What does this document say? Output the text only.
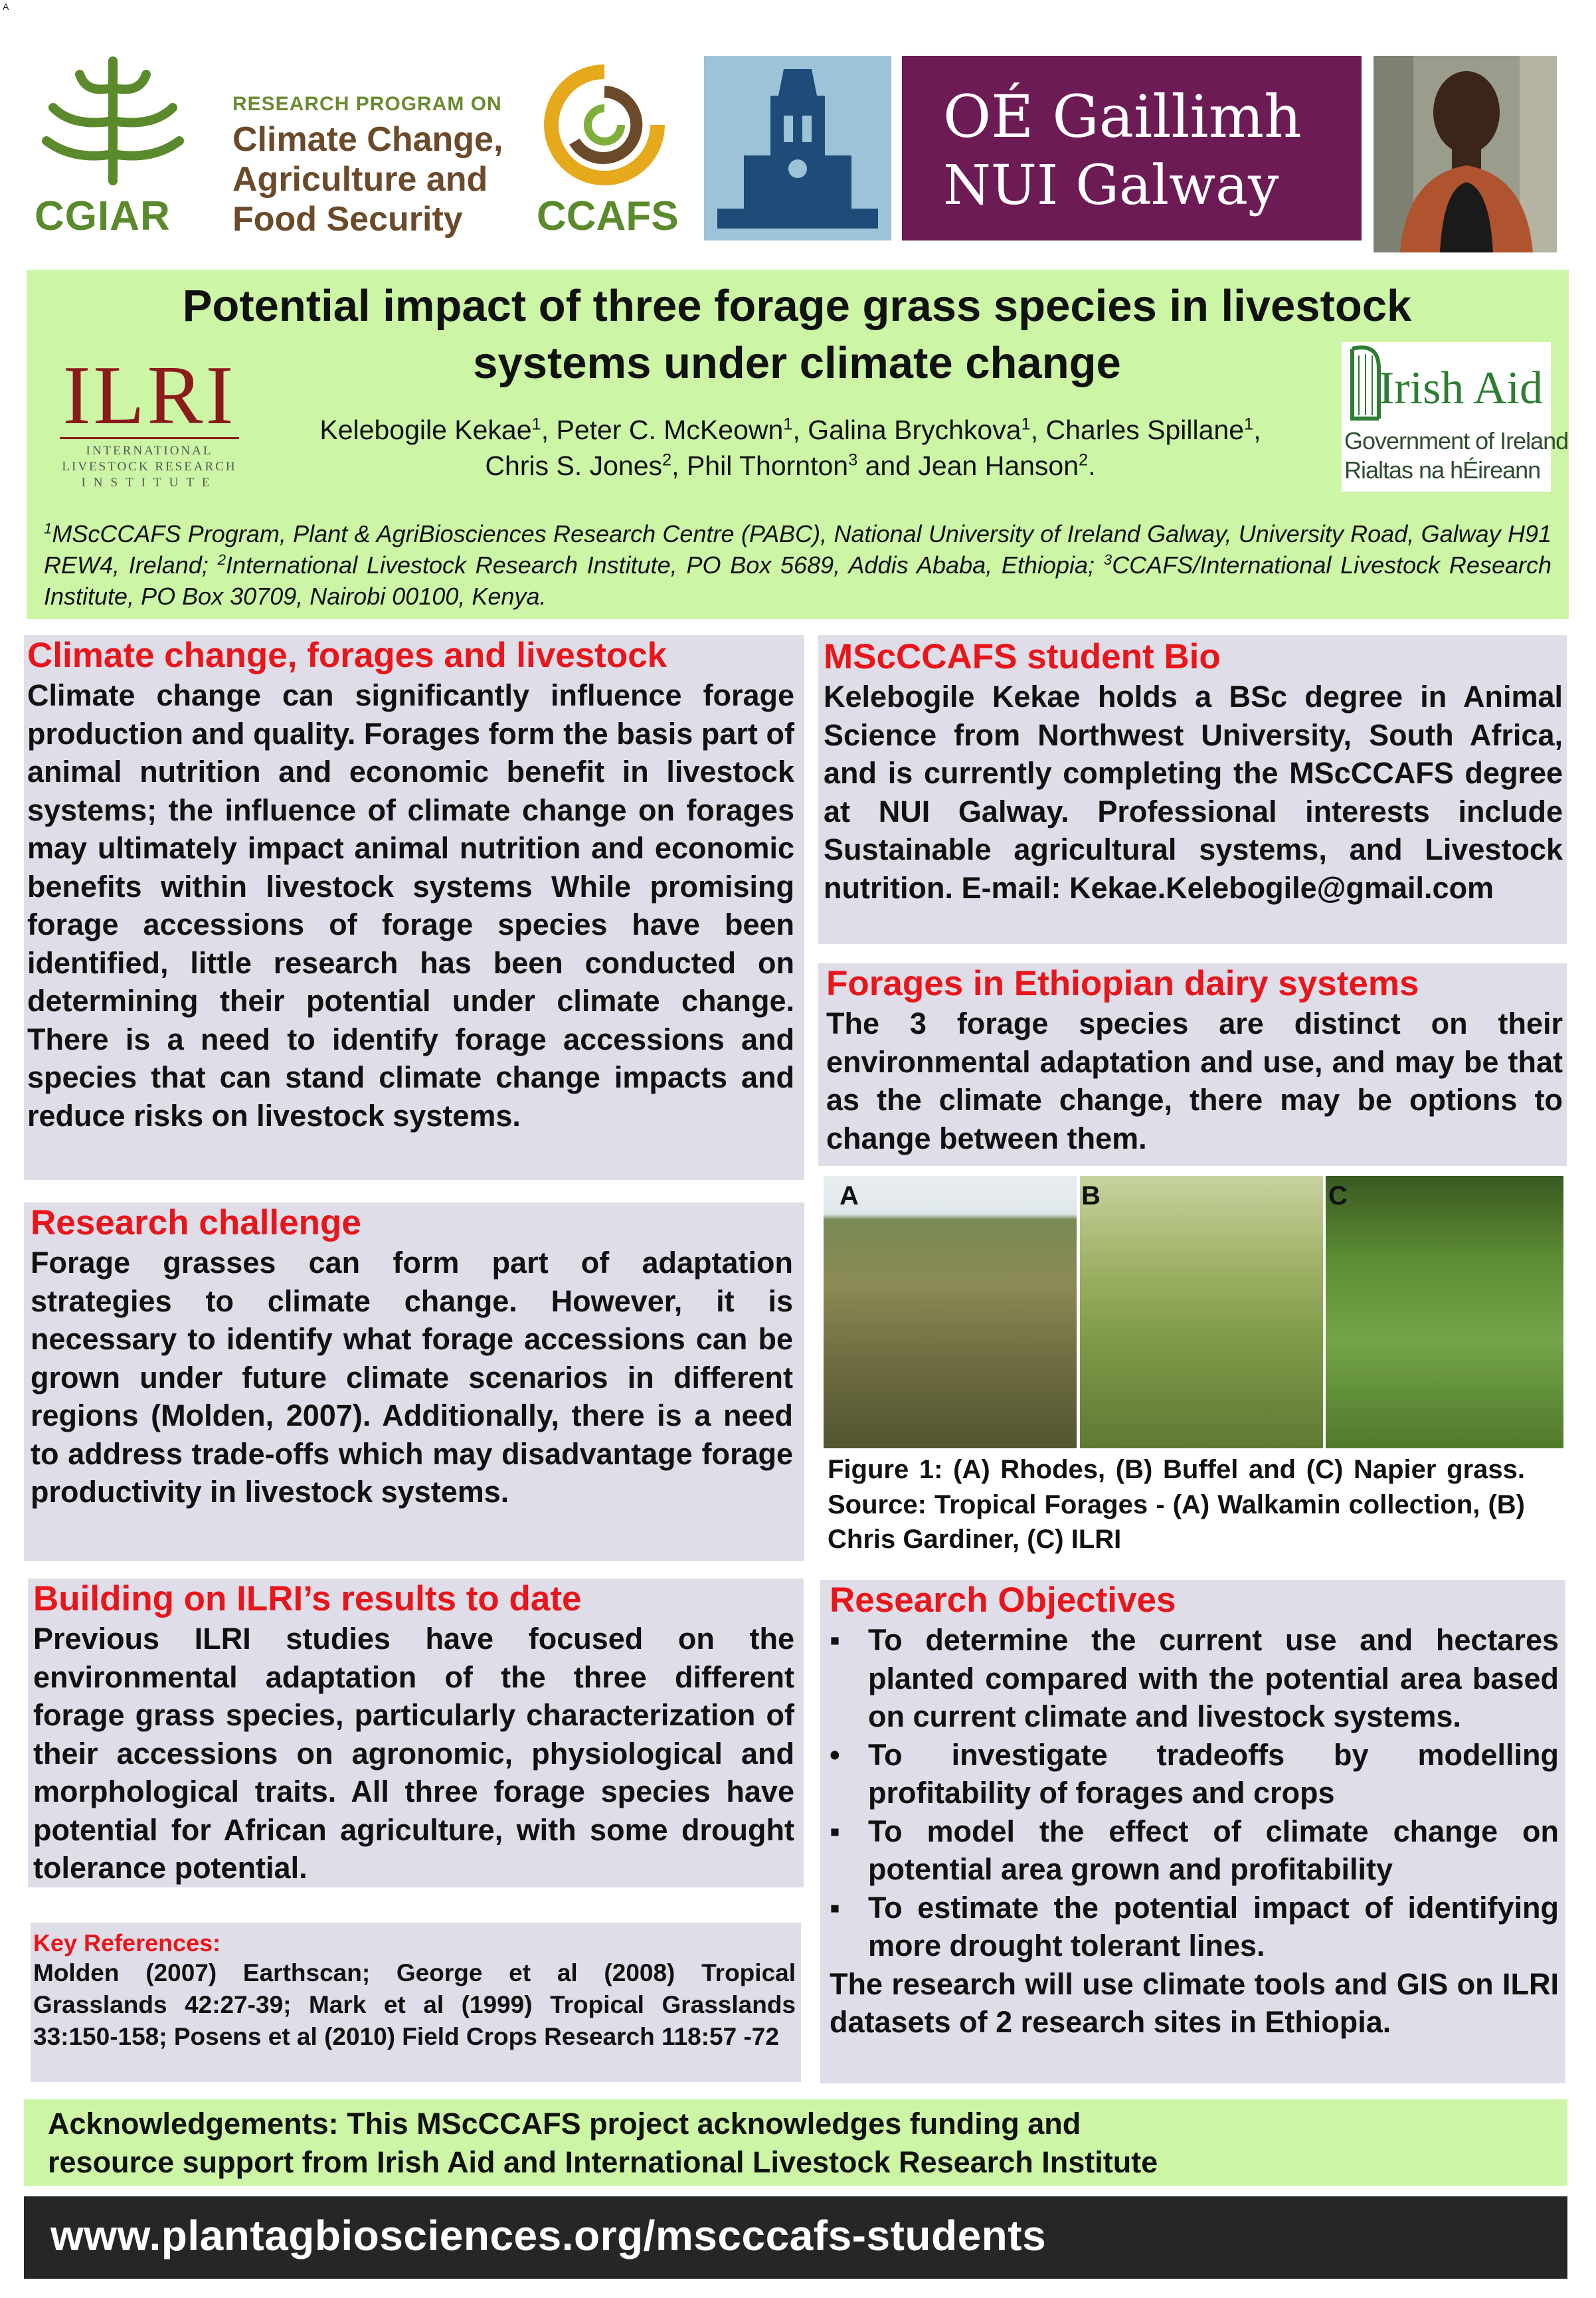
A
CGIAR
RESEARCH PROGRAM ON
Climate Change,
Agriculture and
Food Security	CCAFS
OÉ Gaillimh
NUI Galway
Potential impact of three forage grass species in livestock systems under climate change
ILRI
INTERNATIONAL
LIVESTOCK RESEARCH
INSTITUTE
Kelebogile Kekae$^1$, Peter C. McKeown$^1$, Galina Brychkova$^1$, Charles Spillane$^1$,
Chris S. Jones$^2$, Phil Thornton$^3$ and Jean Hanson$^2$.
Irish Aid
Government of Ireland
Rialtas na hÉireann
$^1$MScCCAFS Program, Plant & AgriBiosciences Research Centre (PABC), National University of Ireland Galway, University Road, Galway H91 REW4, Ireland; $^2$International Livestock Research Institute, PO Box 5689, Addis Ababa, Ethiopia; $^3$CCAFS/International Livestock Research Institute, PO Box 30709, Nairobi 00100, Kenya.
Climate change, forages and livestock
Climate change can significantly influence forage production and quality. Forages form the basis part of animal nutrition and economic benefit in livestock systems; the influence of climate change on forages may ultimately impact animal nutrition and economic benefits within livestock systems While promising forage accessions of forage species have been identified, little research has been conducted on determining their potential under climate change. There is a need to identify forage accessions and species that can stand climate change impacts and reduce risks on livestock systems.
Research challenge
Forage grasses can form part of adaptation strategies to climate change. However, it is necessary to identify what forage accessions can be grown under future climate scenarios in different regions (Molden, 2007). Additionally, there is a need to address trade-offs which may disadvantage forage productivity in livestock systems.
Building on ILRI’s results to date
Previous ILRI studies have focused on the environmental adaptation of the three different forage grass species, particularly characterization of their accessions on agronomic, physiological and morphological traits. All three forage species have potential for African agriculture, with some drought tolerance potential.
Key References:
Molden (2007) Earthscan; George et al (2008) Tropical Grasslands 42:27-39; Mark et al (1999) Tropical Grasslands 33:150-158; Posens et al (2010) Field Crops Research 118:57 -72
MScCCAFS student Bio
Kelebogile Kekae holds a BSc degree in Animal Science from Northwest University, South Africa, and is currently completing the MScCCAFS degree at NUI Galway. Professional interests include Sustainable agricultural systems, and Livestock nutrition. E-mail: Kekae.Kelebogile@gmail.com
Forages in Ethiopian dairy systems
The 3 forage species are distinct on their environmental adaptation and use, and may be that as the climate change, there may be options to change between them.
A	B	C
Figure 1: (A) Rhodes, (B) Buffel and (C) Napier grass. Source: Tropical Forages - (A) Walkamin collection, (B) Chris Gardiner, (C) ILRI
Research Objectives
▪ To determine the current use and hectares planted compared with the potential area based on current climate and livestock systems.
• To investigate tradeoffs by modelling profitability of forages and crops
▪ To model the effect of climate change on potential area grown and profitability
▪ To estimate the potential impact of identifying more drought tolerant lines.
The research will use climate tools and GIS on ILRI datasets of 2 research sites in Ethiopia.
Acknowledgements: This MScCCAFS project acknowledges funding and
resource support from Irish Aid and International Livestock Research Institute
www.plantagbiosciences.org/mscccafs-students
